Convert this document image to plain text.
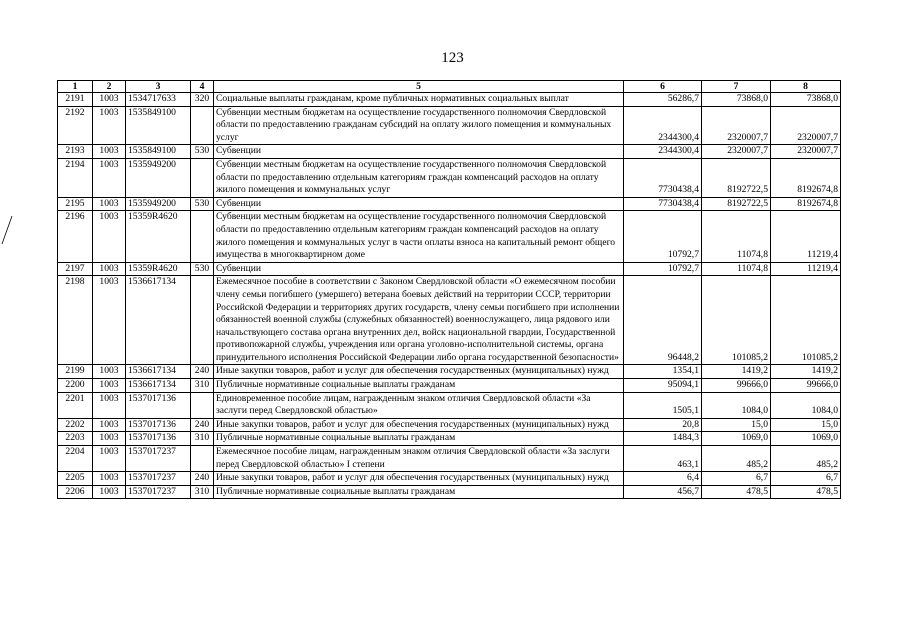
123
1	2	3	4	5	6	7	8
2191	1003	1534717633	320	Социальные выплаты гражданам, кроме публичных нормативных социальных выплат	56286,7	73868,0	73868,0
2192	1003	1535849100		Субвенции местным бюджетам на осуществление государственного полномочия Свердловской области по предоставлению гражданам субсидий на оплату жилого помещения и коммунальных услуг	2344300,4	2320007,7	2320007,7
2193	1003	1535849100	530	Субвенции	2344300,4	2320007,7	2320007,7
2194	1003	1535949200		Субвенции местным бюджетам на осуществление государственного полномочия Свердловской области по предоставлению отдельным категориям граждан компенсаций расходов на оплату жилого помещения и коммунальных услуг	7730438,4	8192722,5	8192674,8
2195	1003	1535949200	530	Субвенции	7730438,4	8192722,5	8192674,8
2196	1003	15359R4620		Субвенции местным бюджетам на осуществление государственного полномочия Свердловской области по предоставлению отдельным категориям граждан компенсаций расходов на оплату жилого помещения и коммунальных услуг в части оплаты взноса на капитальный ремонт общего имущества в многоквартирном доме	10792,7	11074,8	11219,4
2197	1003	15359R4620	530	Субвенции	10792,7	11074,8	11219,4
2198	1003	1536617134		Ежемесячное пособие в соответствии с Законом Свердловской области «О ежемесячном пособии члену семьи погибшего (умершего) ветерана боевых действий на территории СССР, территории Российской Федерации и территориях других государств, члену семьи погибшего при исполнении обязанностей военной службы (служебных обязанностей) военнослужащего, лица рядового или начальствующего состава органа внутренних дел, войск национальной гвардии, Государственной противопожарной службы, учреждения или органа уголовно-исполнительной системы, органа принудительного исполнения Российской Федерации либо органа государственной безопасности»	96448,2	101085,2	101085,2
2199	1003	1536617134	240	Иные закупки товаров, работ и услуг для обеспечения государственных (муниципальных) нужд	1354,1	1419,2	1419,2
2200	1003	1536617134	310	Публичные нормативные социальные выплаты гражданам	95094,1	99666,0	99666,0
2201	1003	1537017136		Единовременное пособие лицам, награжденным знаком отличия Свердловской области «За заслуги перед Свердловской областью»	1505,1	1084,0	1084,0
2202	1003	1537017136	240	Иные закупки товаров, работ и услуг для обеспечения государственных (муниципальных) нужд	20,8	15,0	15,0
2203	1003	1537017136	310	Публичные нормативные социальные выплаты гражданам	1484,3	1069,0	1069,0
2204	1003	1537017237		Ежемесячное пособие лицам, награжденным знаком отличия Свердловской области «За заслуги перед Свердловской областью» I степени	463,1	485,2	485,2
2205	1003	1537017237	240	Иные закупки товаров, работ и услуг для обеспечения государственных (муниципальных) нужд	6,4	6,7	6,7
2206	1003	1537017237	310	Публичные нормативные социальные выплаты гражданам	456,7	478,5	478,5
